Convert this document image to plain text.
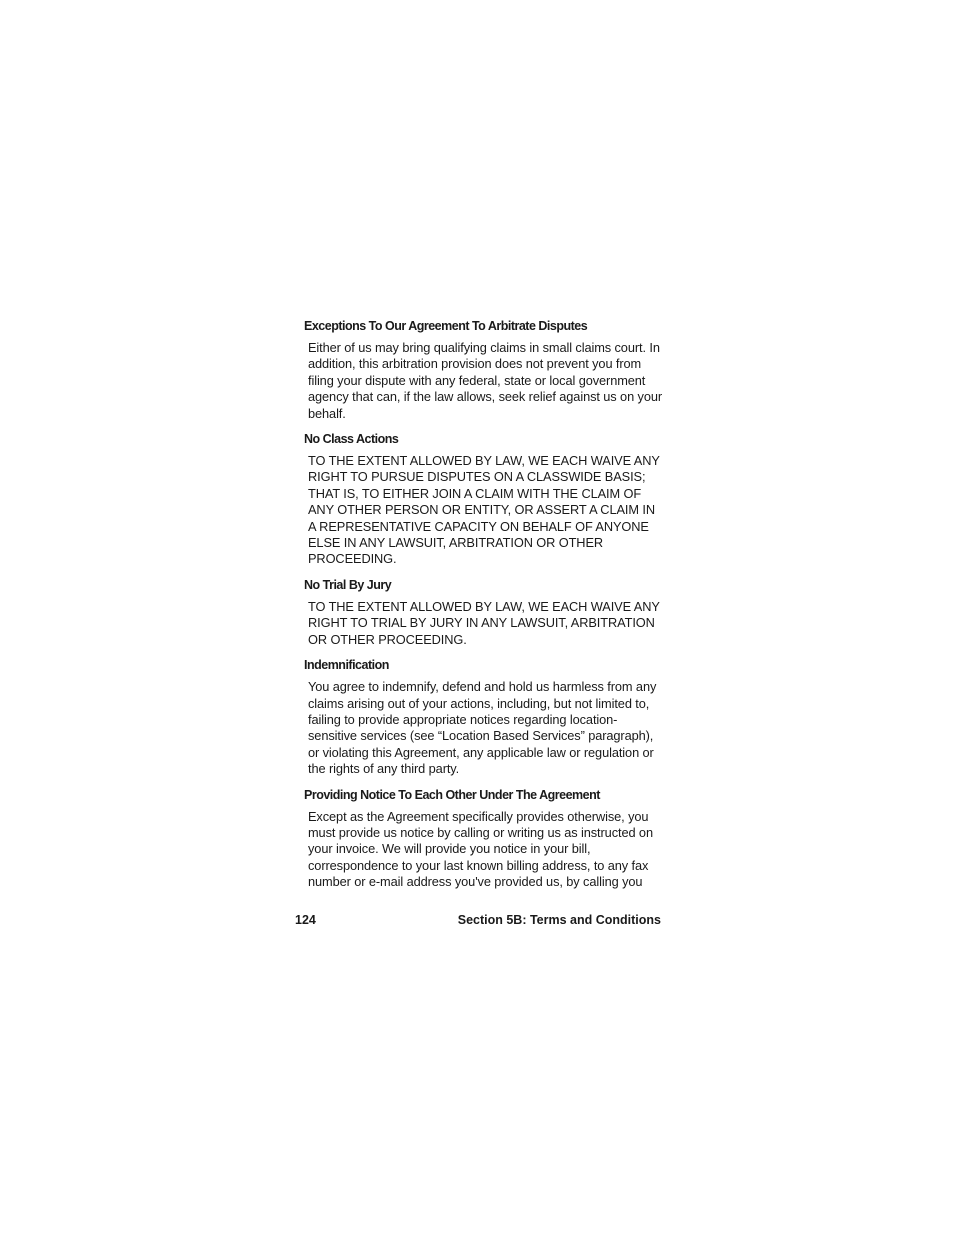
Exceptions To Our Agreement To Arbitrate Disputes

Either of us may bring qualifying claims in small claims court. In addition, this arbitration provision does not prevent you from filing your dispute with any federal, state or local government agency that can, if the law allows, seek relief against us on your behalf.

No Class Actions

TO THE EXTENT ALLOWED BY LAW, WE EACH WAIVE ANY RIGHT TO PURSUE DISPUTES ON A CLASSWIDE BASIS; THAT IS, TO EITHER JOIN A CLAIM WITH THE CLAIM OF ANY OTHER PERSON OR ENTITY, OR ASSERT A CLAIM IN A REPRESENTATIVE CAPACITY ON BEHALF OF ANYONE ELSE IN ANY LAWSUIT, ARBITRATION OR OTHER PROCEEDING.

No Trial By Jury

TO THE EXTENT ALLOWED BY LAW, WE EACH WAIVE ANY RIGHT TO TRIAL BY JURY IN ANY LAWSUIT, ARBITRATION OR OTHER PROCEEDING.

Indemnification

You agree to indemnify, defend and hold us harmless from any claims arising out of your actions, including, but not limited to, failing to provide appropriate notices regarding location-sensitive services (see “Location Based Services” paragraph), or violating this Agreement, any applicable law or regulation or the rights of any third party.

Providing Notice To Each Other Under The Agreement

Except as the Agreement specifically provides otherwise, you must provide us notice by calling or writing us as instructed on your invoice. We will provide you notice in your bill, correspondence to your last known billing address, to any fax number or e-mail address you've provided us, by calling you

124	Section 5B: Terms and Conditions
